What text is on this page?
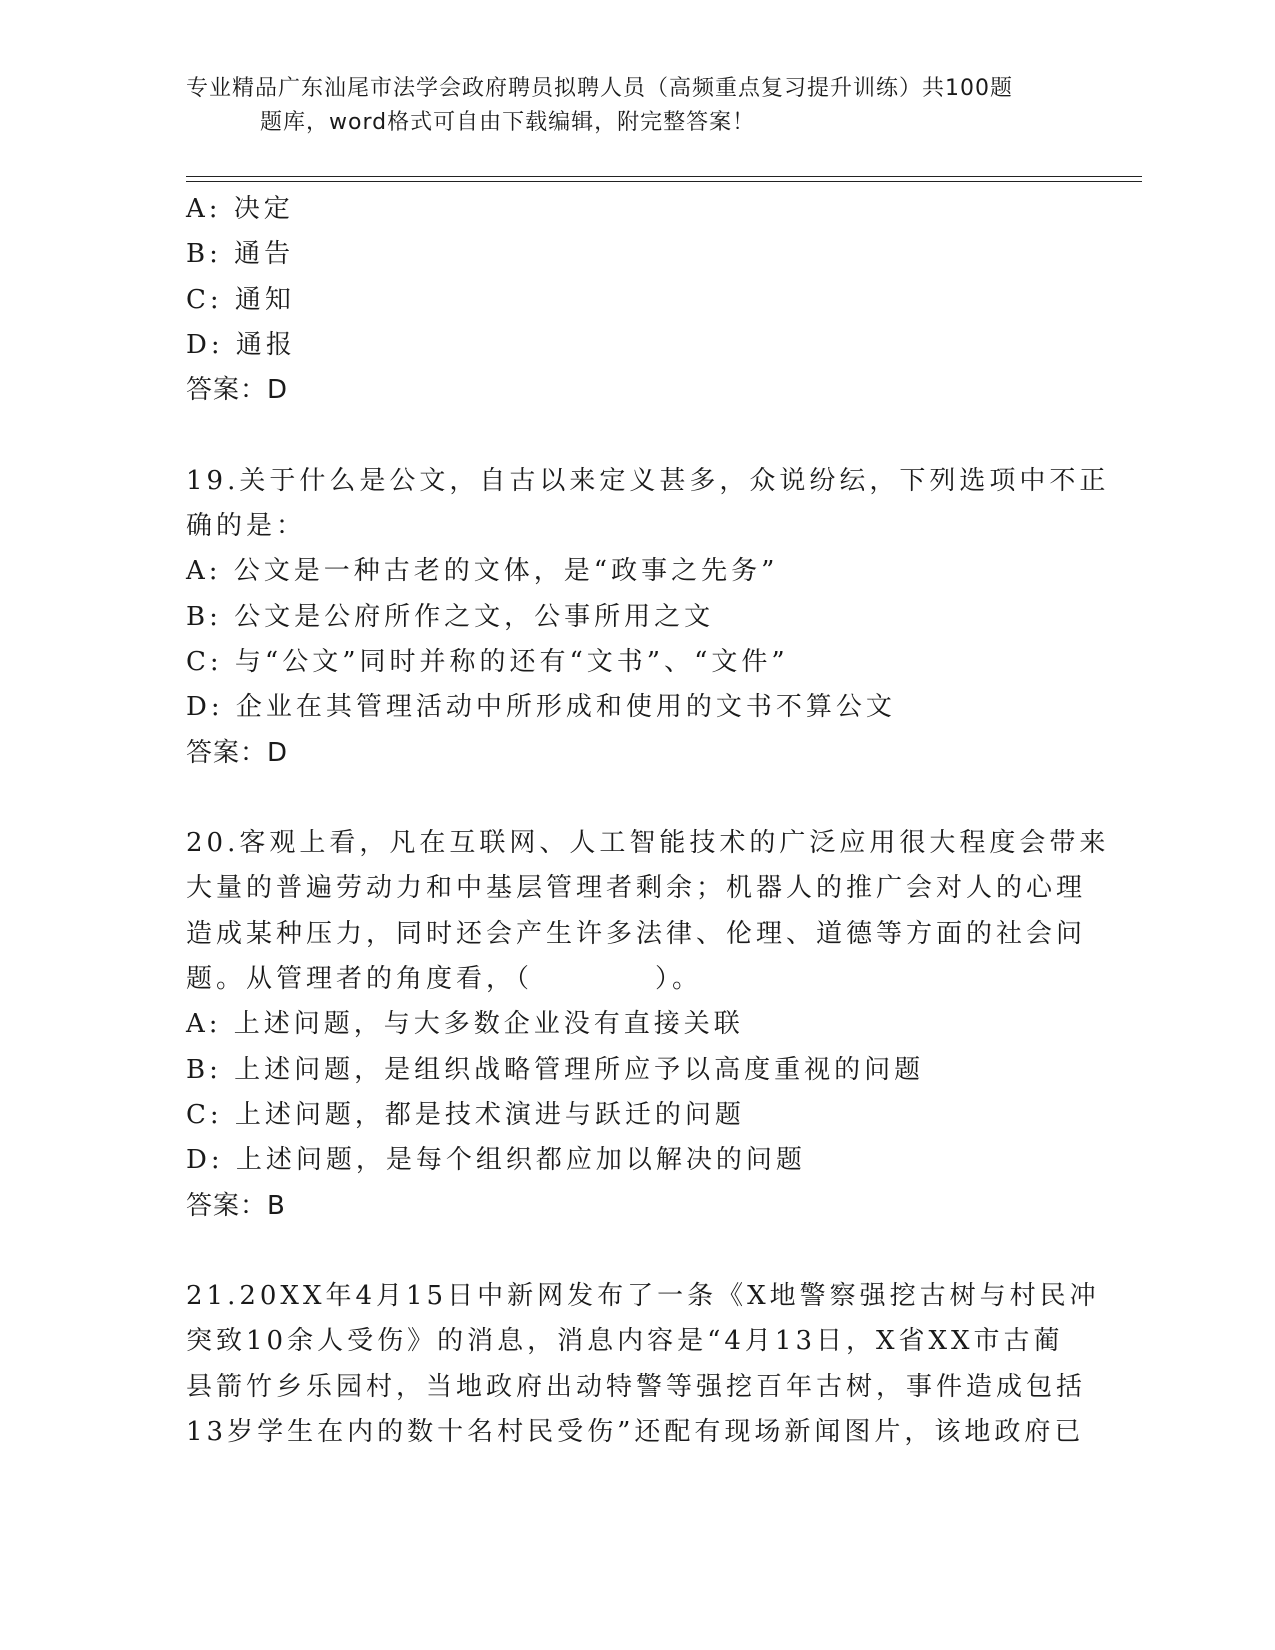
专业精品广东汕尾市法学会政府聘员拟聘人员（高频重点复习提升训练）共100题
题库，word格式可自由下载编辑，附完整答案！
A: 决定
B: 通告
C: 通知
D: 通报
答案：D
19.关于什么是公文，自古以来定义甚多，众说纷纭，下列选项中不正
确的是：
A: 公文是一种古老的文体，是“政事之先务”
B: 公文是公府所作之文，公事所用之文
C: 与“公文”同时并称的还有“文书”、“文件”
D: 企业在其管理活动中所形成和使用的文书不算公文
答案：D
20.客观上看，凡在互联网、人工智能技术的广泛应用很大程度会带来
大量的普遍劳动力和中基层管理者剩余；机器人的推广会对人的心理
造成某种压力，同时还会产生许多法律、伦理、道德等方面的社会问
题。从管理者的角度看，（	）。
A: 上述问题，与大多数企业没有直接关联
B: 上述问题，是组织战略管理所应予以高度重视的问题
C: 上述问题，都是技术演进与跃迁的问题
D: 上述问题，是每个组织都应加以解决的问题
答案：B
21.20XX年4月15日中新网发布了一条《X地警察强挖古树与村民冲
突致10余人受伤》的消息，消息内容是“4月13日，X省XX市古蔺
县箭竹乡乐园村，当地政府出动特警等强挖百年古树，事件造成包括
13岁学生在内的数十名村民受伤”还配有现场新闻图片，该地政府已
